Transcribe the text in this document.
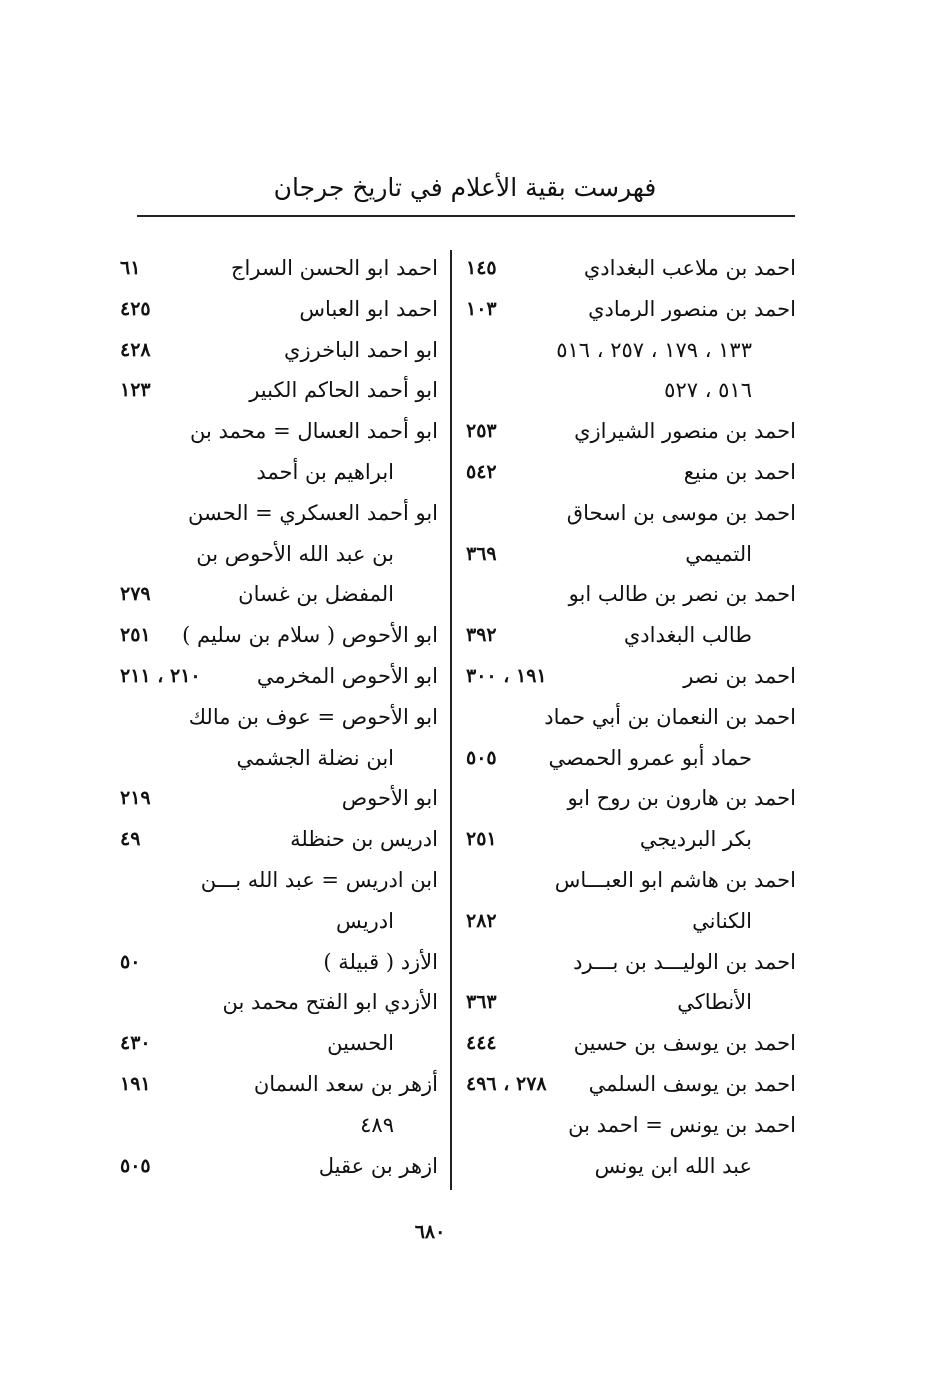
فهرست بقية الأعلام في تاريخ جرجان
احمد بن ملاعب البغدادي
١٤٥
احمد بن منصور الرمادي
١٠٣
١٣٣ ، ١٧٩ ، ٢٥٧ ، ٥١٦
٥١٦ ، ٥٢٧
احمد بن منصور الشيرازي
٢٥٣
احمد بن منيع
٥٤٢
احمد بن موسى بن اسحاق
التميمي
٣٦٩
احمد بن نصر بن طالب ابو
طالب البغدادي
٣٩٢
احمد بن نصر
١٩١ ، ٣٠٠
احمد بن النعمان بن أبي حماد
حماد أبو عمرو الحمصي
٥٠٥
احمد بن هارون بن روح ابو
بكر البرديجي
٢٥١
احمد بن هاشم ابو العبـــاس
الكناني
٢٨٢
احمد بن الوليـــد بن بـــرد
الأنطاكي
٣٦٣
احمد بن يوسف بن حسين
٤٤٤
احمد بن يوسف السلمي
٢٧٨ ، ٤٩٦
احمد بن يونس = احمد بن
عبد الله ابن يونس
احمد ابو الحسن السراج
٦١
احمد ابو العباس
٤٢٥
ابو احمد الباخرزي
٤٢٨
ابو أحمد الحاكم الكبير
١٢٣
ابو أحمد العسال = محمد بن
ابراهيم بن أحمد
ابو أحمد العسكري = الحسن
بن عبد الله الأحوص بن
المفضل بن غسان
٢٧٩
ابو الأحوص ( سلام بن سليم )
٢٥١
ابو الأحوص المخرمي
٢١٠ ، ٢١١
ابو الأحوص = عوف بن مالك
ابن نضلة الجشمي
ابو الأحوص
٢١٩
ادريس بن حنظلة
٤٩
ابن ادريس = عبد الله بـــن
ادريس
الأزد ( قبيلة )
٥٠
الأزدي ابو الفتح محمد بن
الحسين
٤٣٠
أزهر بن سعد السمان
١٩١
٤٨٩
ازهر بن عقيل
٥٠٥
٦٨٠
